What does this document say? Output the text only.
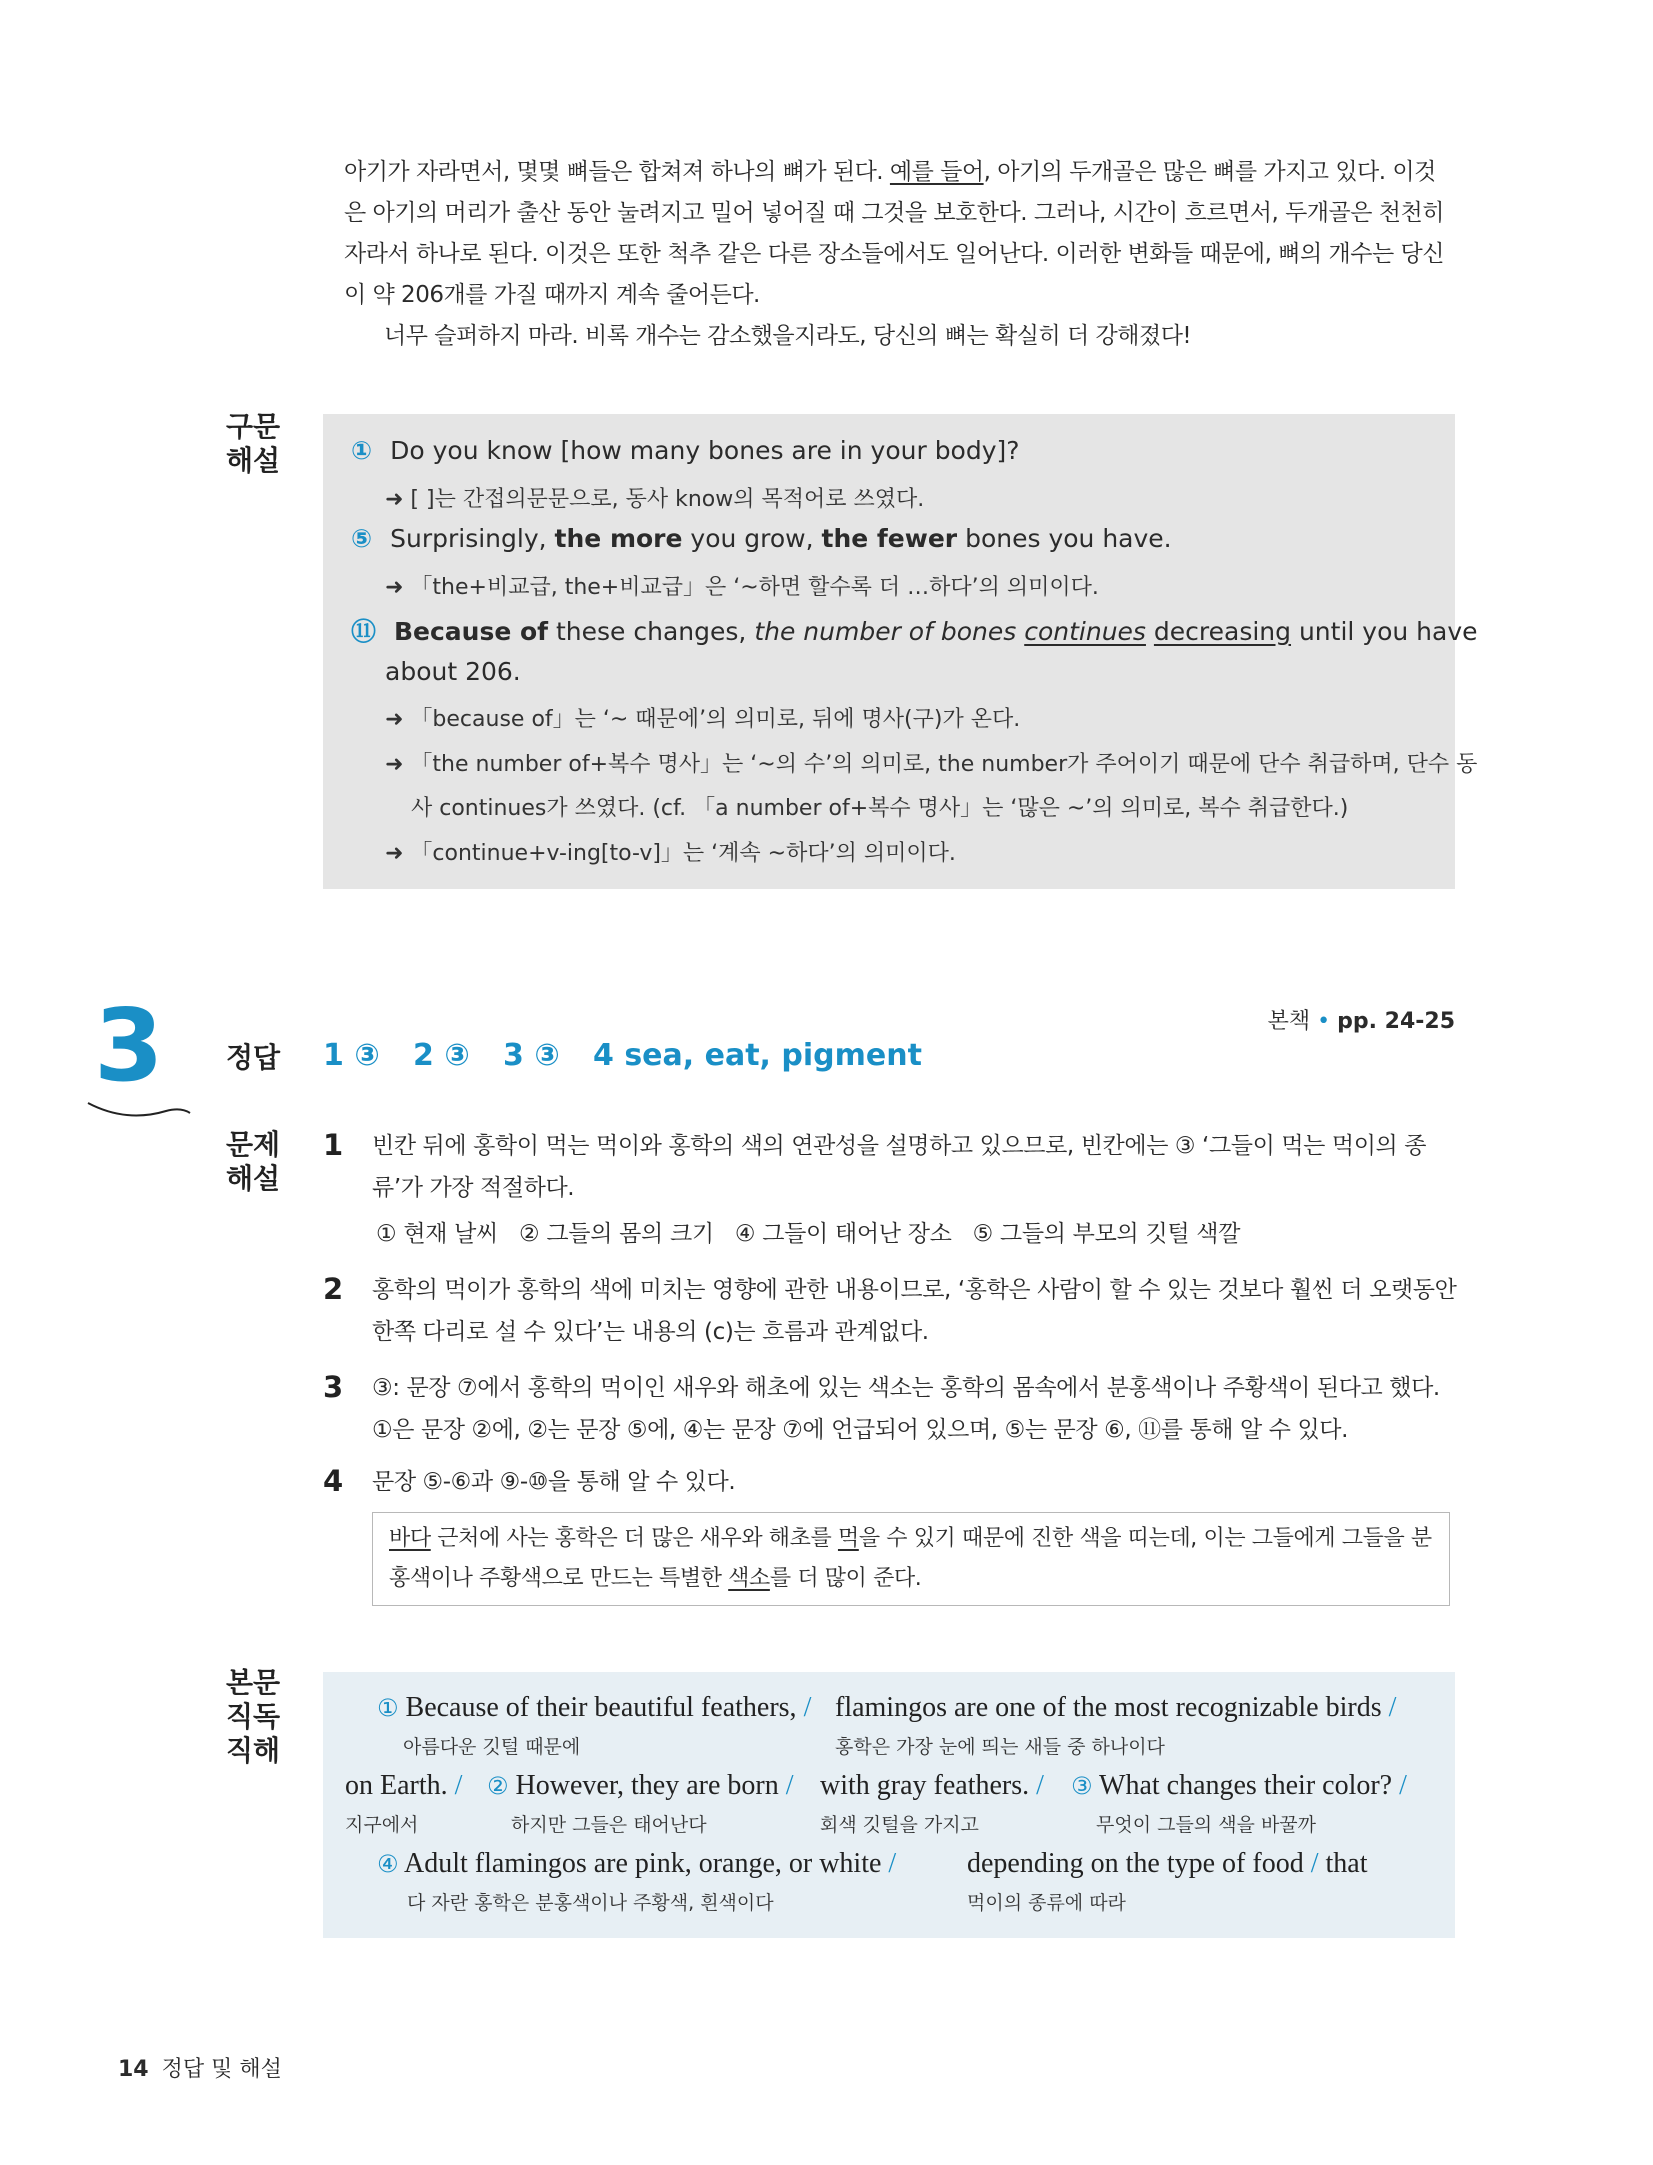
아기가 자라면서, 몇몇 뼈들은 합쳐져 하나의 뼈가 된다. 예를 들어, 아기의 두개골은 많은 뼈를 가지고 있다. 이것
은 아기의 머리가 출산 동안 눌려지고 밀어 넣어질 때 그것을 보호한다. 그러나, 시간이 흐르면서, 두개골은 천천히
자라서 하나로 된다. 이것은 또한 척추 같은 다른 장소들에서도 일어난다. 이러한 변화들 때문에, 뼈의 개수는 당신
이 약 206개를 가질 때까지 계속 줄어든다.
너무 슬퍼하지 마라. 비록 개수는 감소했을지라도, 당신의 뼈는 확실히 더 강해졌다!
구문
해설	① Do you know [how many bones are in your body]?
➜ [ ]는 간접의문문으로, 동사 know의 목적어로 쓰였다.
⑤ Surprisingly, the more you grow, the fewer bones you have.
➜ 「the+비교급, the+비교급」은 ‘~하면 할수록 더 …하다’의 의미이다.
⑪ Because of these changes, the number of bones continues decreasing until you have
about 206.
➜ 「because of」는 ‘~ 때문에’의 의미로, 뒤에 명사(구)가 온다.
➜ 「the number of+복수 명사」는 ‘~의 수’의 의미로, the number가 주어이기 때문에 단수 취급하며, 단수 동
사 continues가 쓰였다. (cf. 「a number of+복수 명사」는 ‘많은 ~’의 의미로, 복수 취급한다.)
➜ 「continue+v-ing[to-v]」는 ‘계속 ~하다’의 의미이다.
3	본책 • pp. 24-25
정답 1 ③ 2 ③ 3 ③ 4 sea, eat, pigment
문제
해설
1 빈칸 뒤에 홍학이 먹는 먹이와 홍학의 색의 연관성을 설명하고 있으므로, 빈칸에는 ③ ‘그들이 먹는 먹이의 종류’가 가장 적절하다.
① 현재 날씨   ② 그들의 몸의 크기   ④ 그들이 태어난 장소   ⑤ 그들의 부모의 깃털 색깔
2 홍학의 먹이가 홍학의 색에 미치는 영향에 관한 내용이므로, ‘홍학은 사람이 할 수 있는 것보다 훨씬 더 오랫동안 한쪽 다리로 설 수 있다’는 내용의 (c)는 흐름과 관계없다.
3 ③: 문장 ⑦에서 홍학의 먹이인 새우와 해초에 있는 색소는 홍학의 몸속에서 분홍색이나 주황색이 된다고 했다. ①은 문장 ②에, ②는 문장 ⑤에, ④는 문장 ⑦에 언급되어 있으며, ⑤는 문장 ⑥, ⑪를 통해 알 수 있다.
4 문장 ⑤-⑥과 ⑨-⑩을 통해 알 수 있다.
바다 근처에 사는 홍학은 더 많은 새우와 해초를 먹을 수 있기 때문에 진한 색을 띠는데, 이는 그들에게 그들을 분홍색이나 주황색으로 만드는 특별한 색소를 더 많이 준다.
본문
직독
직해
① Because of their beautiful feathers, / flamingos are one of the most recognizable birds /
아름다운 깃털 때문에	홍학은 가장 눈에 띄는 새들 중 하나이다
on Earth. / ② However, they are born / with gray feathers. / ③ What changes their color? /
지구에서	하지만 그들은 태어난다	회색 깃털을 가지고	무엇이 그들의 색을 바꿀까
④ Adult flamingos are pink, orange, or white /	depending on the type of food / that
다 자란 홍학은 분홍색이나 주황색, 흰색이다	먹이의 종류에 따라
14 정답 및 해설
